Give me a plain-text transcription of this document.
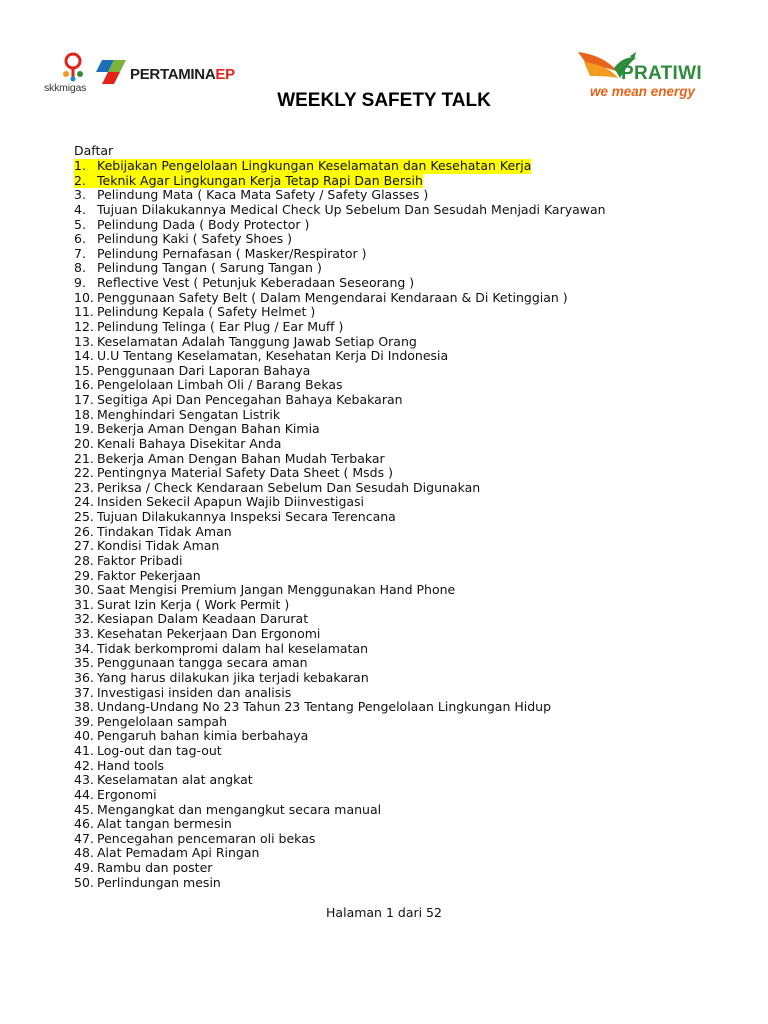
skkmigas
PERTAMINAEP	PRATIWI
we mean energy
WEEKLY SAFETY TALK
Daftar
1. Kebijakan Pengelolaan Lingkungan Keselamatan dan Kesehatan Kerja
2. Teknik Agar Lingkungan Kerja Tetap Rapi Dan Bersih
3. Pelindung Mata ( Kaca Mata Safety / Safety Glasses )
4. Tujuan Dilakukannya Medical Check Up Sebelum Dan Sesudah Menjadi Karyawan
5. Pelindung Dada ( Body Protector )
6. Pelindung Kaki ( Safety Shoes )
7. Pelindung Pernafasan ( Masker/Respirator )
8. Pelindung Tangan ( Sarung Tangan )
9. Reflective Vest ( Petunjuk Keberadaan Seseorang )
10. Penggunaan Safety Belt ( Dalam Mengendarai Kendaraan & Di Ketinggian )
11. Pelindung Kepala ( Safety Helmet )
12. Pelindung Telinga ( Ear Plug / Ear Muff )
13. Keselamatan Adalah Tanggung Jawab Setiap Orang
14. U.U Tentang Keselamatan, Kesehatan Kerja Di Indonesia
15. Penggunaan Dari Laporan Bahaya
16. Pengelolaan Limbah Oli / Barang Bekas
17. Segitiga Api Dan Pencegahan Bahaya Kebakaran
18. Menghindari Sengatan Listrik
19. Bekerja Aman Dengan Bahan Kimia
20. Kenali Bahaya Disekitar Anda
21. Bekerja Aman Dengan Bahan Mudah Terbakar
22. Pentingnya Material Safety Data Sheet ( Msds )
23. Periksa / Check Kendaraan Sebelum Dan Sesudah Digunakan
24. Insiden Sekecil Apapun Wajib Diinvestigasi
25. Tujuan Dilakukannya Inspeksi Secara Terencana
26. Tindakan Tidak Aman
27. Kondisi Tidak Aman
28. Faktor Pribadi
29. Faktor Pekerjaan
30. Saat Mengisi Premium Jangan Menggunakan Hand Phone
31. Surat Izin Kerja ( Work Permit )
32. Kesiapan Dalam Keadaan Darurat
33. Kesehatan Pekerjaan Dan Ergonomi
34. Tidak berkompromi dalam hal keselamatan
35. Penggunaan tangga secara aman
36. Yang harus dilakukan jika terjadi kebakaran
37. Investigasi insiden dan analisis
38. Undang-Undang No 23 Tahun 23 Tentang Pengelolaan Lingkungan Hidup
39. Pengelolaan sampah
40. Pengaruh bahan kimia berbahaya
41. Log-out dan tag-out
42. Hand tools
43. Keselamatan alat angkat
44. Ergonomi
45. Mengangkat dan mengangkut secara manual
46. Alat tangan bermesin
47. Pencegahan pencemaran oli bekas
48. Alat Pemadam Api Ringan
49. Rambu dan poster
50. Perlindungan mesin
Halaman 1 dari 52
